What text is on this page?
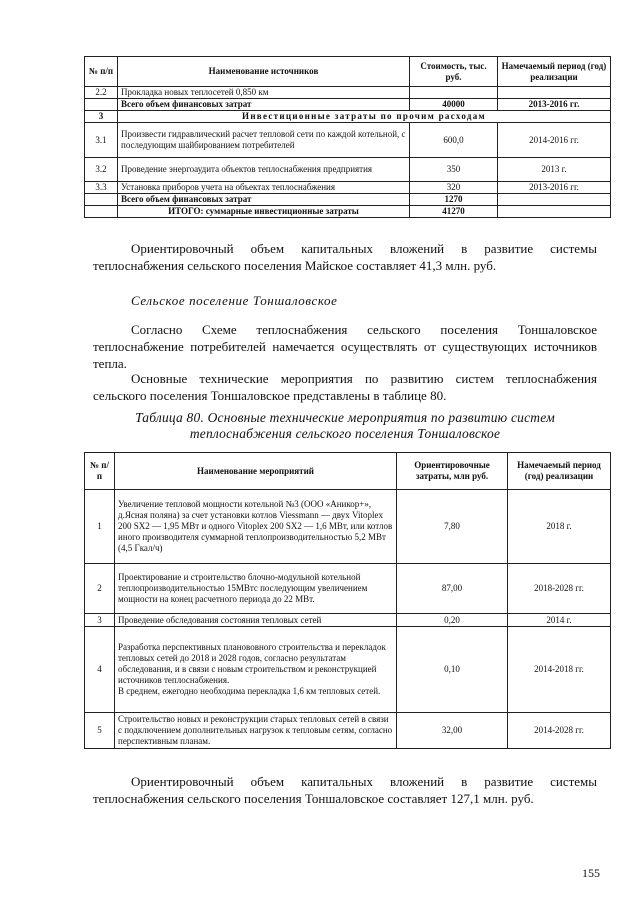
№ п/п	Наименование источников	Стоимость, тыс. руб.	Намечаемый период (год) реализации
2.2	Прокладка новых теплосетей 0,850 км		
	Всего объем финансовых затрат	40000	2013-2016 гг.
3	Инвестиционные затраты по прочим расходам		
3.1	Произвести гидравлический расчет тепловой сети по каждой котельной, с последующим шайбированием потребителей	600,0	2014-2016 гг.
3.2	Проведение энергоаудита объектов теплоснабжения предприятия	350	2013 г.
3.3	Установка приборов учета на объектах теплоснабжения	320	2013-2016 гг.
	Всего объем финансовых затрат	1270	
	ИТОГО: суммарные инвестиционные затраты	41270	

Ориентировочный объем капитальных вложений в развитие системы теплоснабжения сельского поселения Майское составляет 41,3 млн. руб.

Сельское поселение Тоншаловское

Согласно Схеме теплоснабжения сельского поселения Тоншаловское теплоснабжение потребителей намечается осуществлять от существующих источников тепла.

Основные технические мероприятия по развитию систем теплоснабжения сельского поселения Тоншаловское представлены в таблице 80.

Таблица 80. Основные технические мероприятия по развитию систем
теплоснабжения сельского поселения Тоншаловское
№ п/п	Наименование мероприятий	Ориентировочные затраты, млн руб.	Намечаемый период (год) реализации
1	Увеличение тепловой мощности котельной №3 (ООО «Аникор+», д.Ясная поляна) за счет установки котлов Viessmann — двух Vitoplex 200 SX2 — 1,95 МВт и одного Vitoplex 200 SX2 — 1,6 МВт, или котлов иного производителя суммарной теплопроизводительностью 5,2 МВт (4,5 Гкал/ч)	7,80	2018 г.
2	Проектирование и строительство блочно-модульной котельной теплопроизводительностью 15МВтс последующим увеличением мощности на конец расчетного периода до 22 МВт.	87,00	2018-2028 гг.
3	Проведение обследования состояния тепловых сетей	0,20	2014 г.
4	Разработка перспективных планововного строительства и перекладок тепловых сетей до 2018 и 2028 годов, согласно результатам обследования, и в связи с новым строительством и реконструкцией источников теплоснабжения.
В среднем, ежегодно необходима перекладка 1,6 км тепловых сетей.	0,10	2014-2018 гг.
5	Строительство новых и реконструкции старых тепловых сетей в связи с подключением дополнительных нагрузок к тепловым сетям, согласно перспективным планам.	32,00	2014-2028 гг.

Ориентировочный объем капитальных вложений в развитие системы теплоснабжения сельского поселения Тоншаловское составляет 127,1 млн. руб.

155
